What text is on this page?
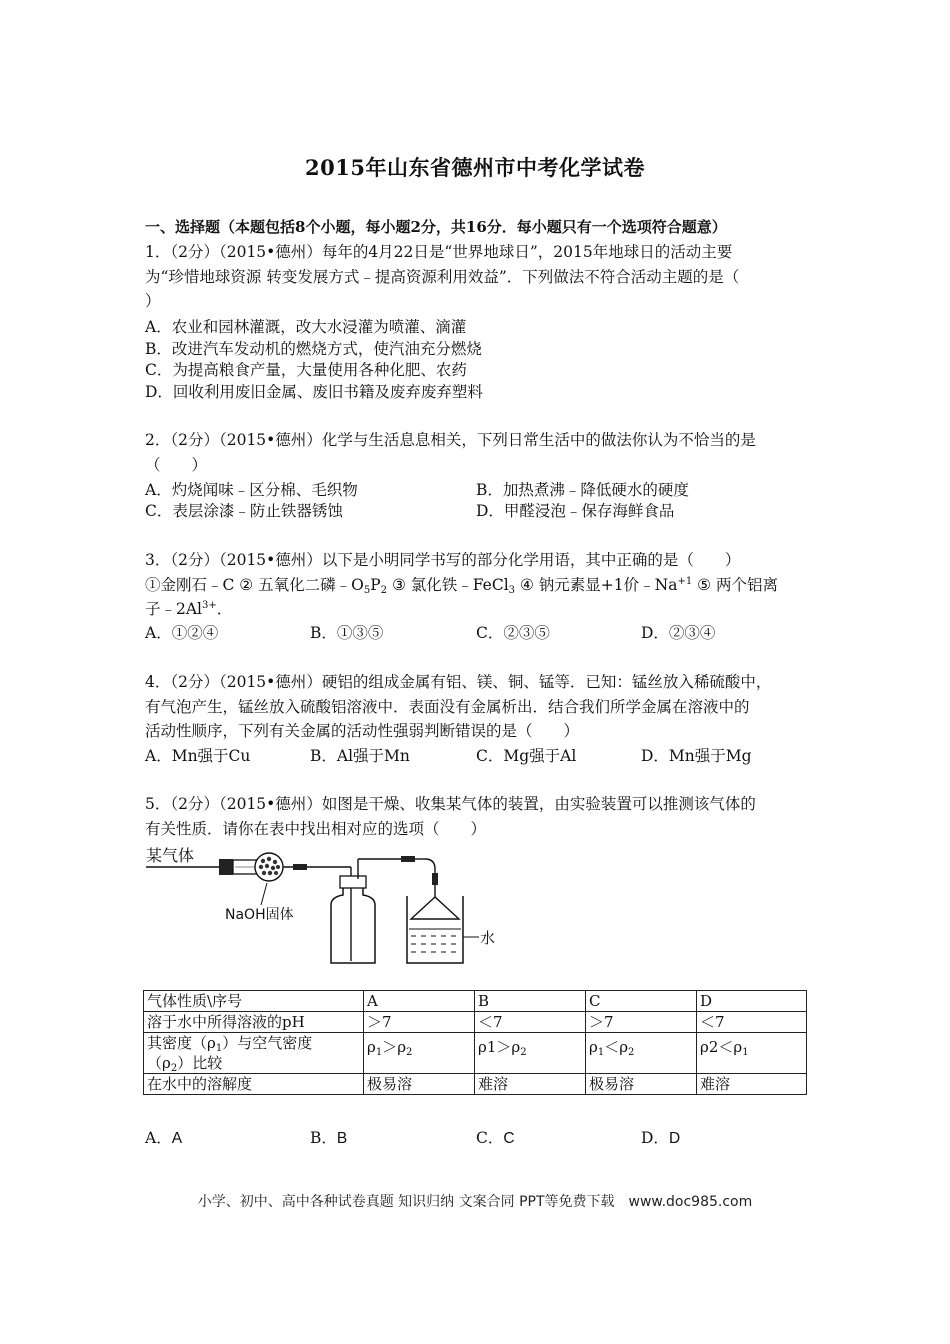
2015年山东省德州市中考化学试卷
一、选择题（本题包括8个小题，每小题2分，共16分．每小题只有一个选项符合题意）
1．（2分）（2015•德州）每年的4月22日是“世界地球日”，2015年地球日的活动主要
为“珍惜地球资源 转变发展方式﹣提高资源利用效益”．下列做法不符合活动主题的是（
）
A．农业和园林灌溉，改大水浸灌为喷灌、滴灌
B．改进汽车发动机的燃烧方式，使汽油充分燃烧
C．为提高粮食产量，大量使用各种化肥、农药
D．回收利用废旧金属、废旧书籍及废弃废弃塑料
2．（2分）（2015•德州）化学与生活息息相关，下列日常生活中的做法你认为不恰当的是
（　　）
A．灼烧闻味﹣区分棉、毛织物	B．加热煮沸﹣降低硬水的硬度
C．表层涂漆﹣防止铁器锈蚀	D．甲醛浸泡﹣保存海鲜食品
3．（2分）（2015•德州）以下是小明同学书写的部分化学用语，其中正确的是（　　）
①金刚石﹣C ② 五氧化二磷$﹣O_5P_2$ ③ 氯化铁﹣FeCl$_3$ ④ 钠元素显+1价$﹣Na^{+1}$ ⑤ 两个铝离
子$﹣2Al^{3+}$．
A．①②④	B．①③⑤	C．②③⑤	D．②③④
4．（2分）（2015•德州）硬铝的组成金属有铝、镁、铜、锰等．已知：锰丝放入稀硫酸中，
有气泡产生，锰丝放入硫酸铝溶液中．表面没有金属析出．结合我们所学金属在溶液中的
活动性顺序，下列有关金属的活动性强弱判断错误的是（　　）
A．Mn强于Cu	B．Al强于Mn	C．Mg强于Al	D．Mn强于Mg
5．（2分）（2015•德州）如图是干燥、收集某气体的装置，由实验装置可以推测该气体的
有关性质．请你在表中找出相对应的选项（　　）
某气体
NaOH固体
水
气体性质\序号	A	B	C	D
溶于水中所得溶液的pH	＞7	＜7	＞7	＜7
其密度$(\rho_1)$与空气密度
$(\rho_2)$比较	$\rho_1>\rho_2$	$\rho 1>\rho_2$	$\rho_1<\rho_2$	$\rho 2<\rho_1$
在水中的溶解度	极易溶	难溶	极易溶	难溶
A．A	B．B	C．C	D．D
小学、初中、高中各种试卷真题 知识归纳 文案合同 PPT等免费下载　www.doc985.com
